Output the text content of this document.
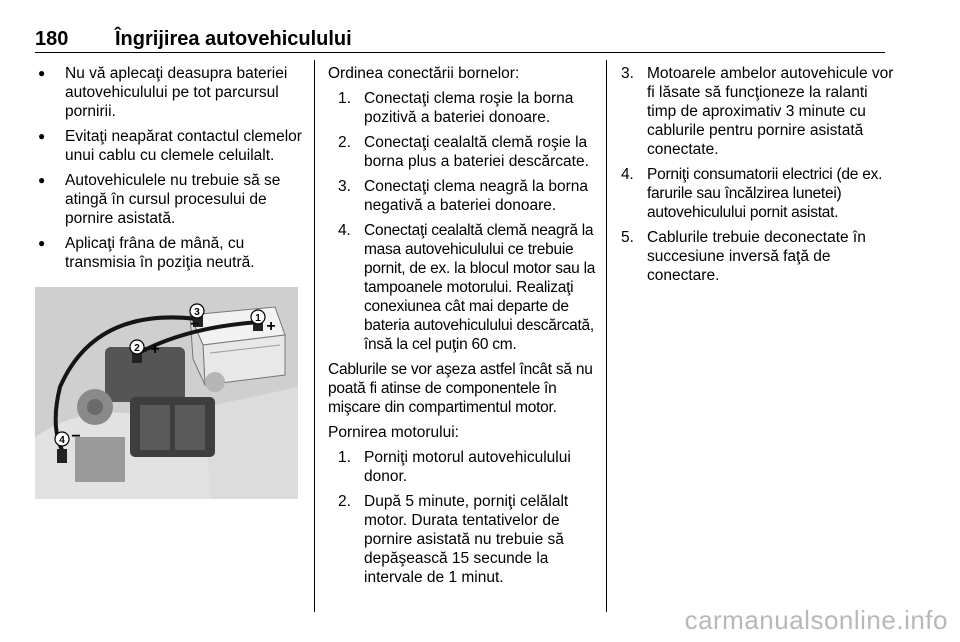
180 Îngrijirea autovehiculului
● Nu vă aplecaţi deasupra bateriei autovehiculului pe tot parcursul pornirii.
● Evitaţi neapărat contactul clemelor unui cablu cu clemele celuilalt.
● Autovehiculele nu trebuie să se atingă în cursul procesului de pornire asistată.
● Aplicaţi frâna de mână, cu transmisia în poziţia neutră.
1 +
2 +
3
−
4 −

Ordinea conectării bornelor:

1. Conectaţi clema roşie la borna pozitivă a bateriei donoare.
2. Conectaţi cealaltă clemă roşie la borna plus a bateriei descărcate.
3. Conectaţi clema neagră la borna negativă a bateriei donoare.
4. Conectaţi cealaltă clemă neagră la masa autovehiculului ce trebuie pornit, de ex. la blocul motor sau la tampoanele motorului. Realizaţi conexiunea cât mai departe de bateria autovehiculului descărcată, însă la cel puţin 60 cm.

Cablurile se vor aşeza astfel încât să nu poată fi atinse de componentele în mişcare din compartimentul motor.

Pornirea motorului:

1. Porniţi motorul autovehiculului donor.
2. După 5 minute, porniţi celălalt motor. Durata tentativelor de pornire asistată nu trebuie să depăşească 15 secunde la intervale de 1 minut.
3. Motoarele ambelor autovehicule vor fi lăsate să funcţioneze la ralanti timp de aproximativ 3 minute cu cablurile pentru pornire asistată conectate.
4. Porniţi consumatorii electrici (de ex. farurile sau încălzirea lunetei) autovehiculului pornit asistat.
5. Cablurile trebuie deconectate în succesiune inversă faţă de conectare.
carmanualsonline.info
